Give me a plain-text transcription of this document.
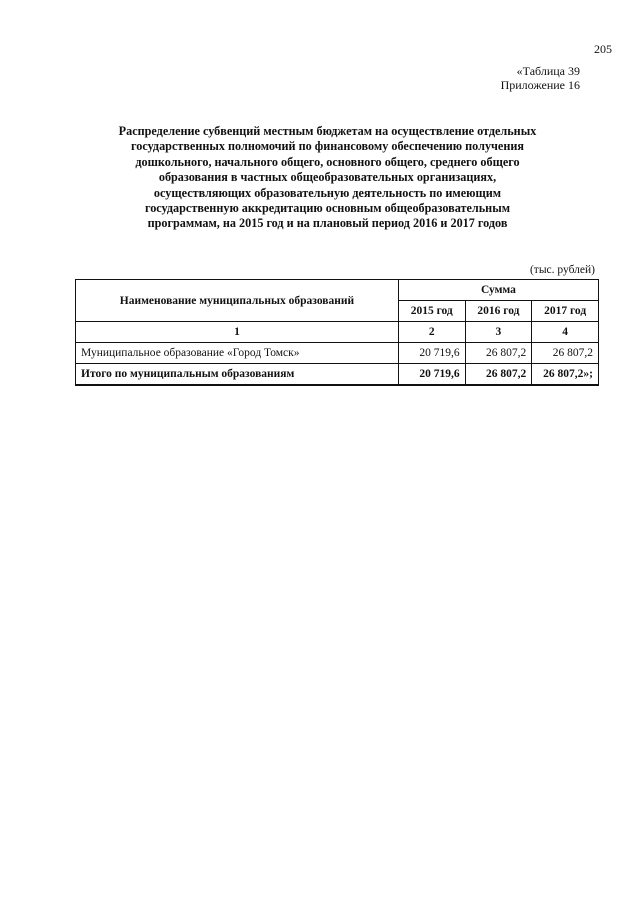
205
«Таблица 39
Приложение 16
Распределение субвенций местным бюджетам на осуществление отдельных
государственных полномочий по финансовому обеспечению получения
дошкольного, начального общего, основного общего, среднего общего
образования в частных общеобразовательных организациях,
осуществляющих образовательную деятельность по имеющим
государственную аккредитацию основным общеобразовательным
программам, на 2015 год и на плановый период 2016 и 2017 годов
(тыс. рублей)
Наименование муниципальных образований	Сумма		
	2015 год	2016 год	2017 год
1	2	3	4
Муниципальное образование «Город Томск»	20 719,6	26 807,2	26 807,2
Итого по муниципальным образованиям	20 719,6	26 807,2	26 807,2»;
